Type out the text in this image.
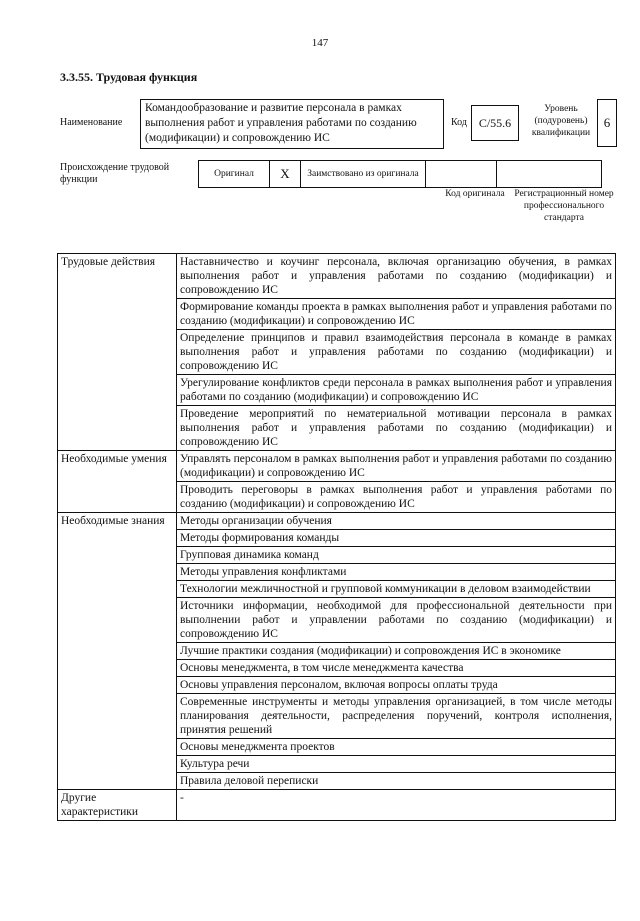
147
3.3.55. Трудовая функция
Наименование
Командообразование и развитие персонала в рамках выполнения работ и управления работами по созданию (модификации) и сопровождению ИС
Код C/55.6
Уровень (подуровень) квалификации
6
Происхождение трудовой функции	Оригинал	X	Заимствовано из оригинала		
Код оригинала	Регистрационный номер профессионального стандарта
Трудовые действия	Наставничество и коучинг персонала, включая организацию обучения, в рамках выполнения работ и управления работами по созданию (модификации) и сопровождению ИС
	Формирование команды проекта в рамках выполнения работ и управления работами по созданию (модификации) и сопровождению ИС
	Определение принципов и правил взаимодействия персонала в команде в рамках выполнения работ и управления работами по созданию (модификации) и сопровождению ИС
	Урегулирование конфликтов среди персонала в рамках выполнения работ и управления работами по созданию (модификации) и сопровождению ИС
	Проведение мероприятий по нематериальной мотивации персонала в рамках выполнения работ и управления работами по созданию (модификации) и сопровождению ИС
Необходимые умения	Управлять персоналом в рамках выполнения работ и управления работами по созданию (модификации) и сопровождению ИС
	Проводить переговоры в рамках выполнения работ и управления работами по созданию (модификации) и сопровождению ИС
Необходимые знания	Методы организации обучения
	Методы формирования команды
	Групповая динамика команд
	Методы управления конфликтами
	Технологии межличностной и групповой коммуникации в деловом взаимодействии
	Источники информации, необходимой для профессиональной деятельности при выполнении работ и управлении работами по созданию (модификации) и сопровождению ИС
	Лучшие практики создания (модификации) и сопровождения ИС в экономике
	Основы менеджмента, в том числе менеджмента качества
	Основы управления персоналом, включая вопросы оплаты труда
	Современные инструменты и методы управления организацией, в том числе методы планирования деятельности, распределения поручений, контроля исполнения, принятия решений
	Основы менеджмента проектов
	Культура речи
	Правила деловой переписки
Другие характеристики	-
